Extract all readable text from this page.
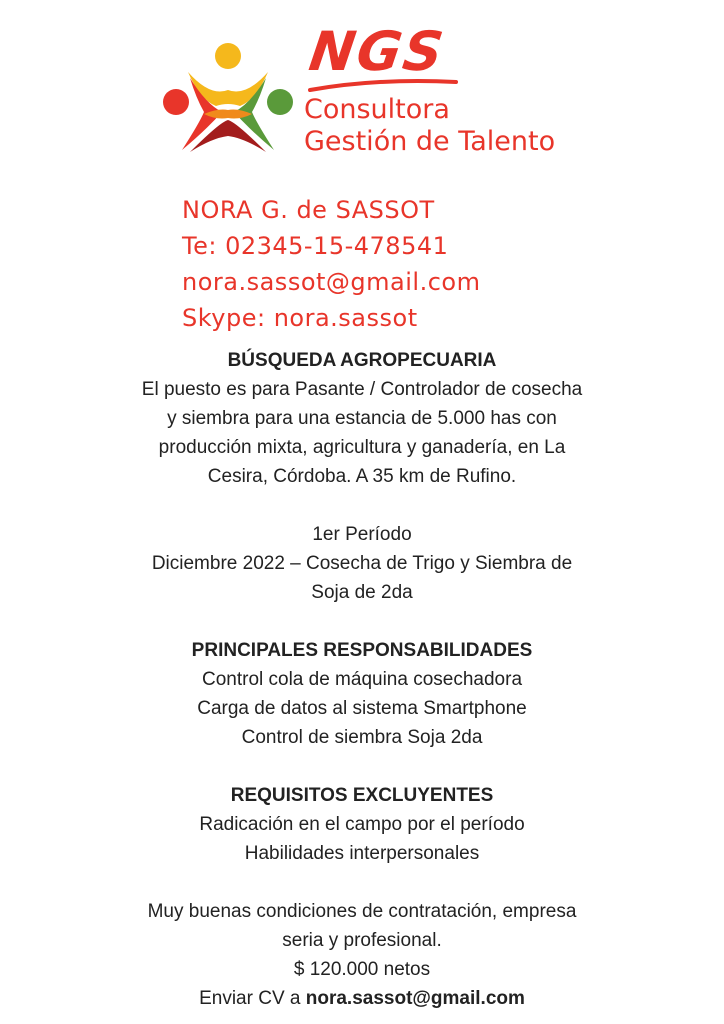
NGS
Consultora
Gestión de Talento
NORA G. de SASSOT
Te: 02345-15-478541
nora.sassot@gmail.com
Skype: nora.sassot

BÚSQUEDA AGROPECUARIA

El puesto es para Pasante / Controlador de cosecha

y siembra para una estancia de 5.000 has con

producción mixta, agricultura y ganadería, en La

Cesira, Córdoba. A 35 km de Rufino.

1er Período

Diciembre 2022 – Cosecha de Trigo y Siembra de

Soja de 2da

PRINCIPALES RESPONSABILIDADES

Control cola de máquina cosechadora

Carga de datos al sistema Smartphone

Control de siembra Soja 2da

REQUISITOS EXCLUYENTES

Radicación en el campo por el período

Habilidades interpersonales

Muy buenas condiciones de contratación, empresa

seria y profesional.

$ 120.000 netos

Enviar CV a nora.sassot@gmail.com
